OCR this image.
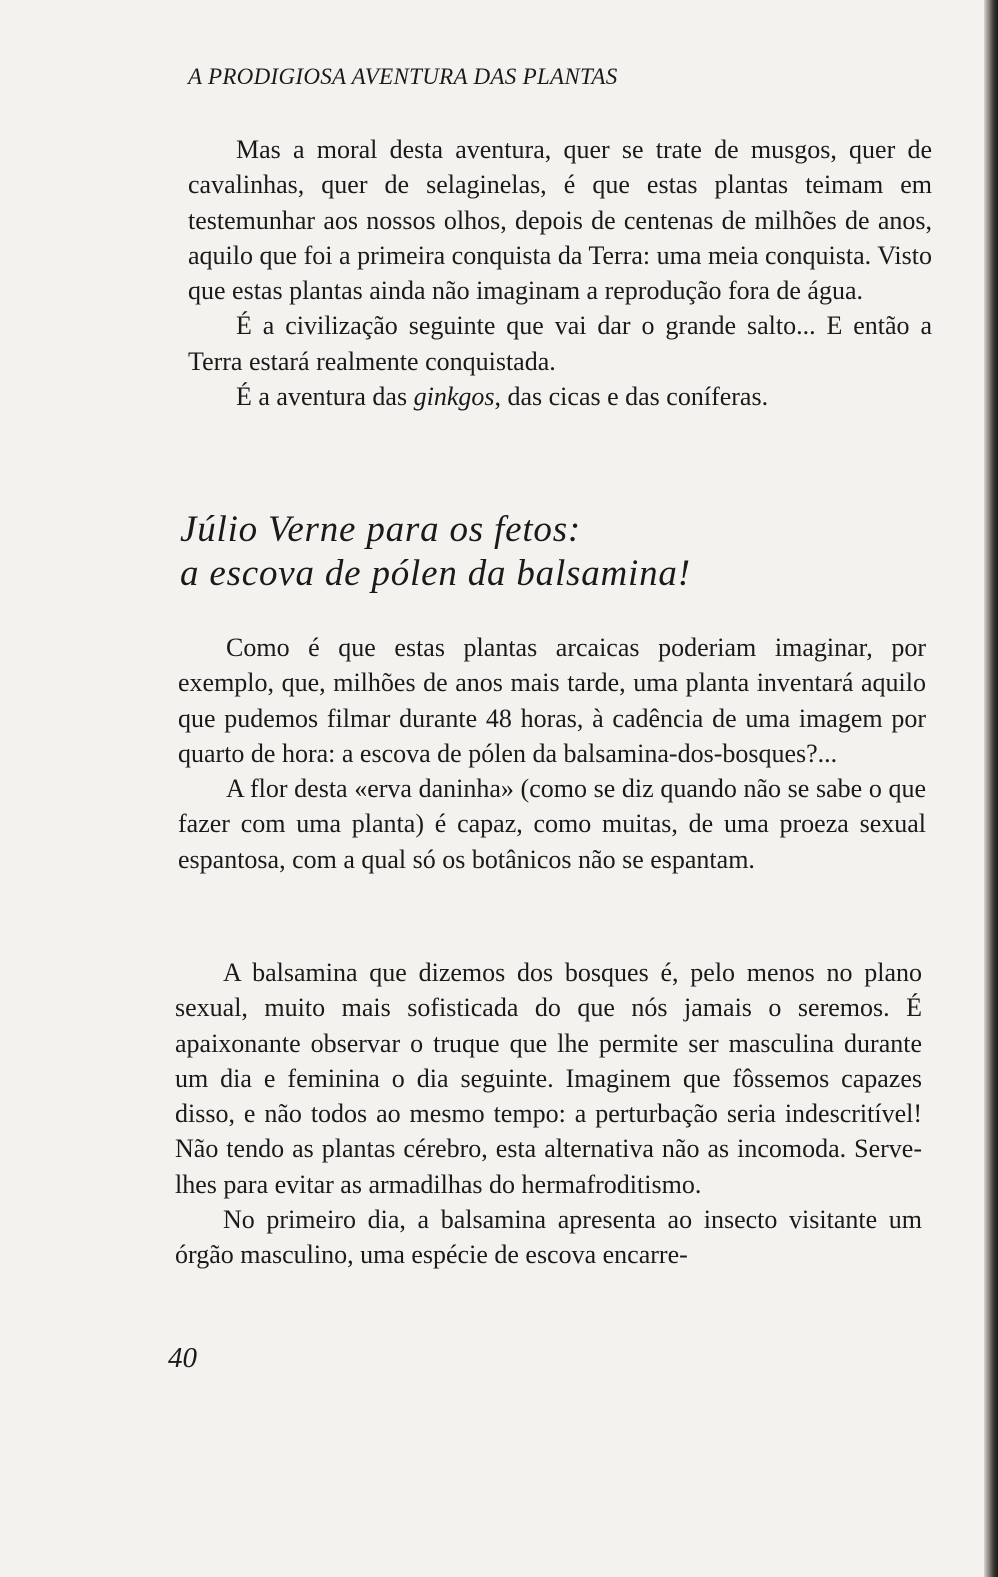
A PRODIGIOSA AVENTURA DAS PLANTAS

Mas a moral desta aventura, quer se trate de musgos, quer de cavalinhas, quer de selaginelas, é que estas plantas teimam em testemunhar aos nossos olhos, depois de centenas de milhões de anos, aquilo que foi a primeira conquista da Terra: uma meia conquista. Visto que estas plantas ainda não imaginam a reprodução fora de água.

É a civilização seguinte que vai dar o grande salto... E então a Terra estará realmente conquistada.

É a aventura das ginkgos, das cicas e das coníferas.

Júlio Verne para os fetos:
a escova de pólen da balsamina!

Como é que estas plantas arcaicas poderiam imaginar, por exemplo, que, milhões de anos mais tarde, uma planta inventará aquilo que pudemos filmar durante 48 horas, à cadência de uma imagem por quarto de hora: a escova de pólen da balsamina-dos-bosques?...

A flor desta «erva daninha» (como se diz quando não se sabe o que fazer com uma planta) é capaz, como muitas, de uma proeza sexual espantosa, com a qual só os botânicos não se espantam.

A balsamina que dizemos dos bosques é, pelo menos no plano sexual, muito mais sofisticada do que nós jamais o seremos. É apaixonante observar o truque que lhe permite ser masculina durante um dia e feminina o dia seguinte. Imaginem que fôssemos capazes disso, e não todos ao mesmo tempo: a perturbação seria indescritível! Não tendo as plantas cérebro, esta alternativa não as incomoda. Serve-lhes para evitar as armadilhas do hermafroditismo.

No primeiro dia, a balsamina apresenta ao insecto visitante um órgão masculino, uma espécie de escova encarre-

40
